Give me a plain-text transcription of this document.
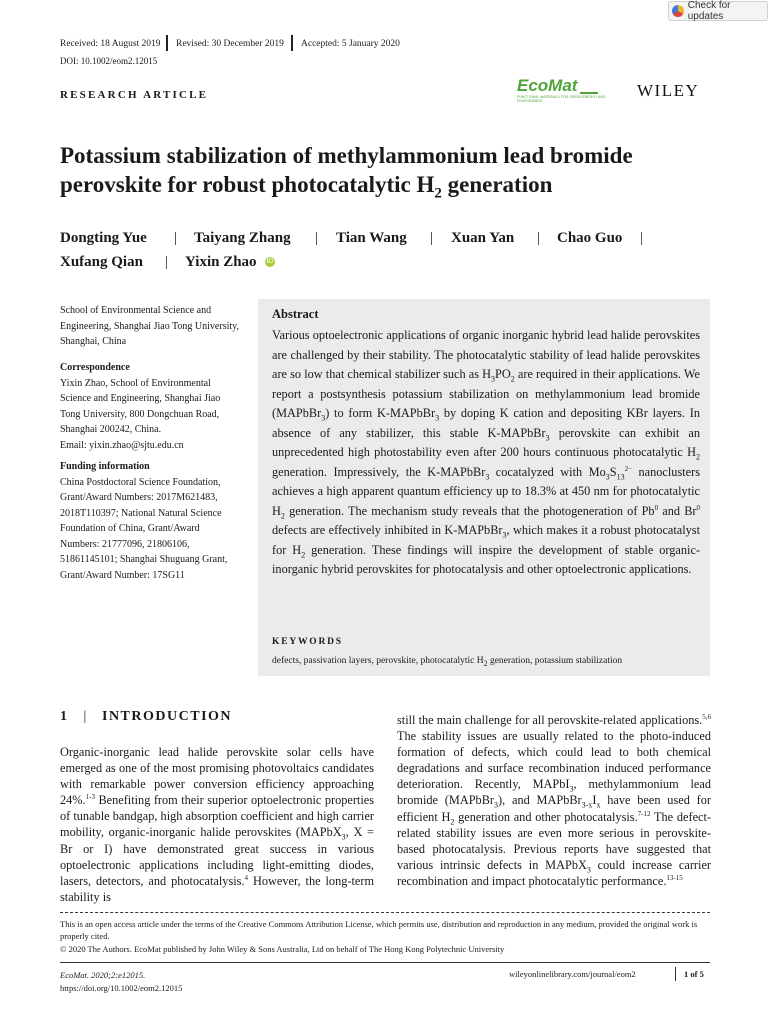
Check for updates
Received: 18 August 2019 Revised: 30 December 2019 Accepted: 5 January 2020
DOI: 10.1002/eom2.12015
RESEARCH ARTICLE	EcoMat
FUNCTIONAL MATERIALS FOR GREEN ENERGY AND ENVIRONMENT
WILEY
Potassium stabilization of methylammonium lead bromide
perovskite for robust photocatalytic $H_2$ generation
Dongting Yue | Taiyang Zhang | Tian Wang | Xuan Yan | Chao Guo |
Xufang Qian | Yixin Zhao iD
School of Environmental Science and Engineering, Shanghai Jiao Tong University, Shanghai, China
Correspondence
Yixin Zhao, School of Environmental Science and Engineering, Shanghai Jiao Tong University, 800 Dongchuan Road, Shanghai 200242, China.
Email: yixin.zhao@sjtu.edu.cn
Funding information
China Postdoctoral Science Foundation, Grant/Award Numbers: 2017M621483, 2018T110397; National Natural Science Foundation of China, Grant/Award Numbers: 21777096, 21806106, 51861145101; Shanghai Shuguang Grant, Grant/Award Number: 17SG11
Abstract
Various optoelectronic applications of organic inorganic hybrid lead halide perovskites are challenged by their stability. The photocatalytic stability of lead halide perovskites are so low that chemical stabilizer such as $H_3PO_2$ are required in their applications. We report a postsynthesis potassium stabilization on methylammonium lead bromide (MAPbBr$_3$) to form K-MAPbBr$_3$ by doping K cation and depositing KBr layers. In absence of any stabilizer, this stable K-MAPbBr$_3$ perovskite can exhibit an unprecedented high photostability even after 200 hours continuous photocatalytic $H_2$ generation. Impressively, the K-MAPbBr$_3$ cocatalyzed with $Mo_3S_{13}^{2-}$ nanoclusters achieves a high apparent quantum efficiency up to 18.3% at 450 nm for photocatalytic $H_2$ generation. The mechanism study reveals that the photogeneration of Pb$^0$ and Br$^0$ defects are effectively inhibited in K-MAPbBr$_3$, which makes it a robust photocatalyst for $H_2$ generation. These findings will inspire the development of stable organic-inorganic hybrid perovskites for photocatalysis and other optoelectronic applications.
KEYWORDS
defects, passivation layers, perovskite, photocatalytic $H_2$ generation, potassium stabilization
1 | INTRODUCTION
Organic-inorganic lead halide perovskite solar cells have emerged as one of the most promising photovoltaics candidates with remarkable power conversion efficiency approaching 24%.$^{1-3}$ Benefiting from their superior optoelectronic properties of tunable bandgap, high absorption coefficient and high carrier mobility, organic-inorganic halide perovskites (MAPbX$_3$, X = Br or I) have demonstrated great success in various optoelectronic applications including light-emitting diodes, lasers, detectors, and photocatalysis.$^4$ However, the long-term stability is
still the main challenge for all perovskite-related applications.$^{5,6}$ The stability issues are usually related to the photo-induced formation of defects, which could lead to both chemical degradations and surface recombination induced performance deterioration. Recently, MAPbI$_3$, methylammonium lead bromide (MAPbBr$_3$), and $MAPbBr_{3-x}I_x$ have been used for efficient $H_2$ generation and other photocatalysis.$^{7-12}$ The defect-related stability issues are even more serious in perovskite-based photocatalysis. Previous reports have suggested that various intrinsic defects in MAPbX$_3$ could increase carrier recombination and impact photocatalytic performance.$^{13-15}$
This is an open access article under the terms of the Creative Commons Attribution License, which permits use, distribution and reproduction in any medium, provided the original work is properly cited.
© 2020 The Authors. EcoMat published by John Wiley & Sons Australia, Ltd on behalf of The Hong Kong Polytechnic University
EcoMat. 2020;2:e12015.
https://doi.org/10.1002/eom2.12015
wileyonlinelibrary.com/journal/eom2	1 of 5
